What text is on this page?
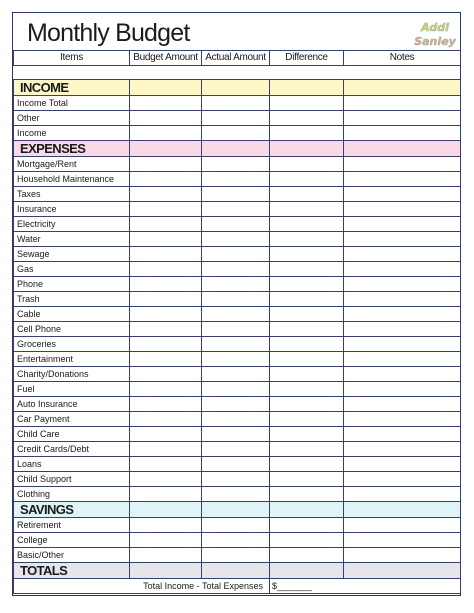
Monthly Budget	Addi
Sanley
Items	Budget Amount	Actual Amount	Difference	Notes

INCOME				
Income Total				
Other				
Income				
EXPENSES				
Mortgage/Rent				
Household Maintenance				
Taxes				
Insurance				
Electricity				
Water				
Sewage				
Gas				
Phone				
Trash				
Cable				
Cell Phone				
Groceries				
Entertainment				
Charity/Donations				
Fuel				
Auto Insurance				
Car Payment				
Child Care				
Credit Cards/Debt				
Loans				
Child Support				
Clothing				
SAVINGS				
Retirement				
College				
Basic/Other				
TOTALS				
Total Income - Total Expenses			$_______	
